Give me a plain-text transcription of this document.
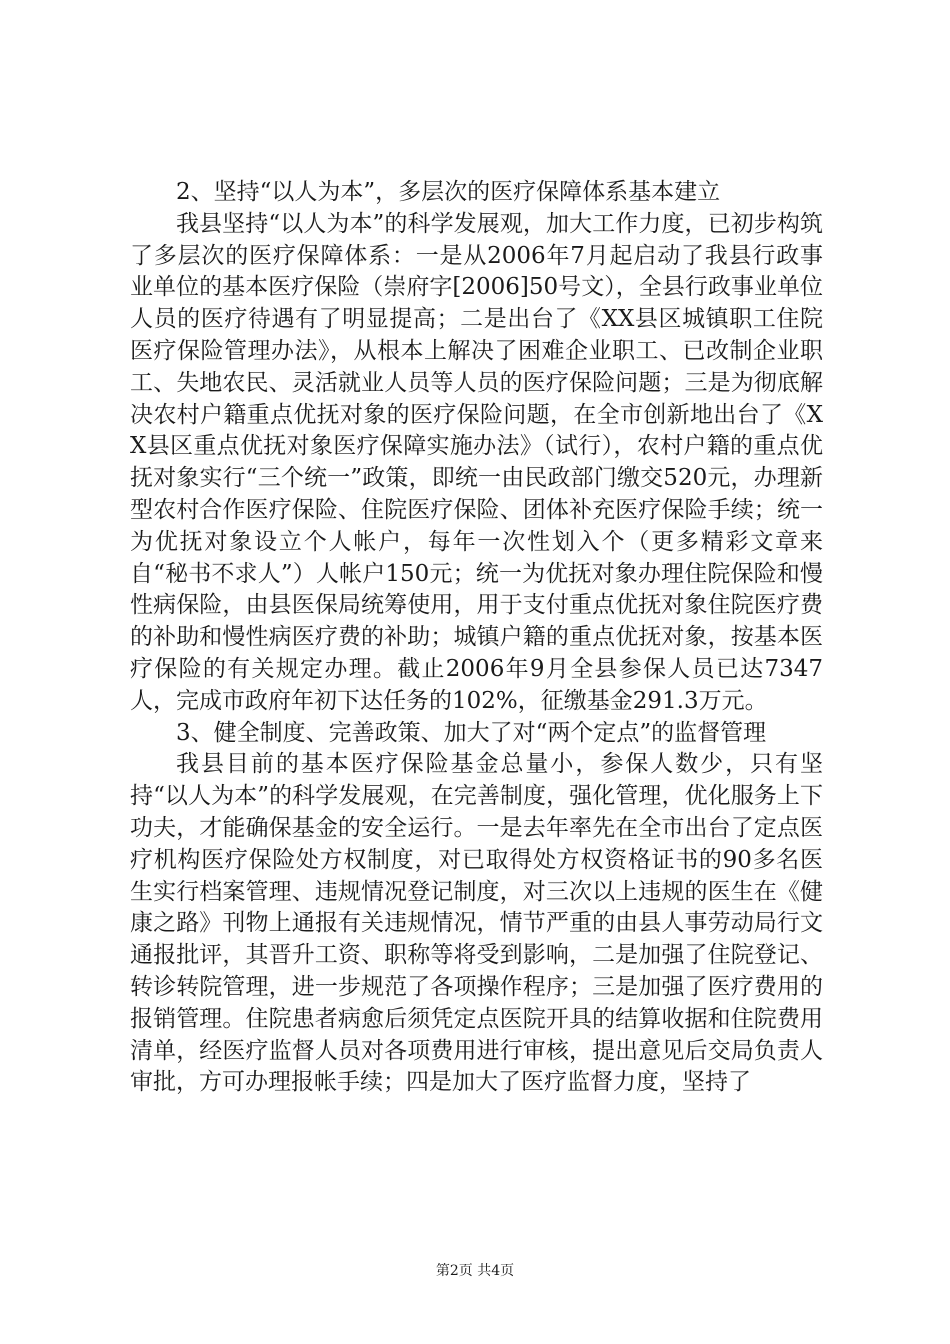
2、坚持“以人为本”，多层次的医疗保障体系基本建立

我县坚持“以人为本”的科学发展观，加大工作力度，已初步构筑了多层次的医疗保障体系：一是从2006年7月起启动了我县行政事业单位的基本医疗保险（崇府字[2006]50号文），全县行政事业单位人员的医疗待遇有了明显提高；二是出台了《XX县区城镇职工住院医疗保险管理办法》，从根本上解决了困难企业职工、已改制企业职工、失地农民、灵活就业人员等人员的医疗保险问题；三是为彻底解决农村户籍重点优抚对象的医疗保险问题，在全市创新地出台了《XX县区重点优抚对象医疗保障实施办法》（试行），农村户籍的重点优抚对象实行“三个统一”政策，即统一由民政部门缴交520元，办理新型农村合作医疗保险、住院医疗保险、团体补充医疗保险手续；统一为优抚对象设立个人帐户，每年一次性划入个（更多精彩文章来自“秘书不求人”）人帐户150元；统一为优抚对象办理住院保险和慢性病保险，由县医保局统筹使用，用于支付重点优抚对象住院医疗费的补助和慢性病医疗费的补助；城镇户籍的重点优抚对象，按基本医疗保险的有关规定办理。截止2006年9月全县参保人员已达7347人，完成市政府年初下达任务的102%，征缴基金291.3万元。

3、健全制度、完善政策、加大了对“两个定点”的监督管理

我县目前的基本医疗保险基金总量小，参保人数少，只有坚持“以人为本”的科学发展观，在完善制度，强化管理，优化服务上下功夫，才能确保基金的安全运行。一是去年率先在全市出台了定点医疗机构医疗保险处方权制度，对已取得处方权资格证书的90多名医生实行档案管理、违规情况登记制度，对三次以上违规的医生在《健康之路》刊物上通报有关违规情况，情节严重的由县人事劳动局行文通报批评，其晋升工资、职称等将受到影响，二是加强了住院登记、转诊转院管理，进一步规范了各项操作程序；三是加强了医疗费用的报销管理。住院患者病愈后须凭定点医院开具的结算收据和住院费用清单，经医疗监督人员对各项费用进行审核，提出意见后交局负责人审批，方可办理报帐手续；四是加大了医疗监督力度，坚持了

第2页 共4页
